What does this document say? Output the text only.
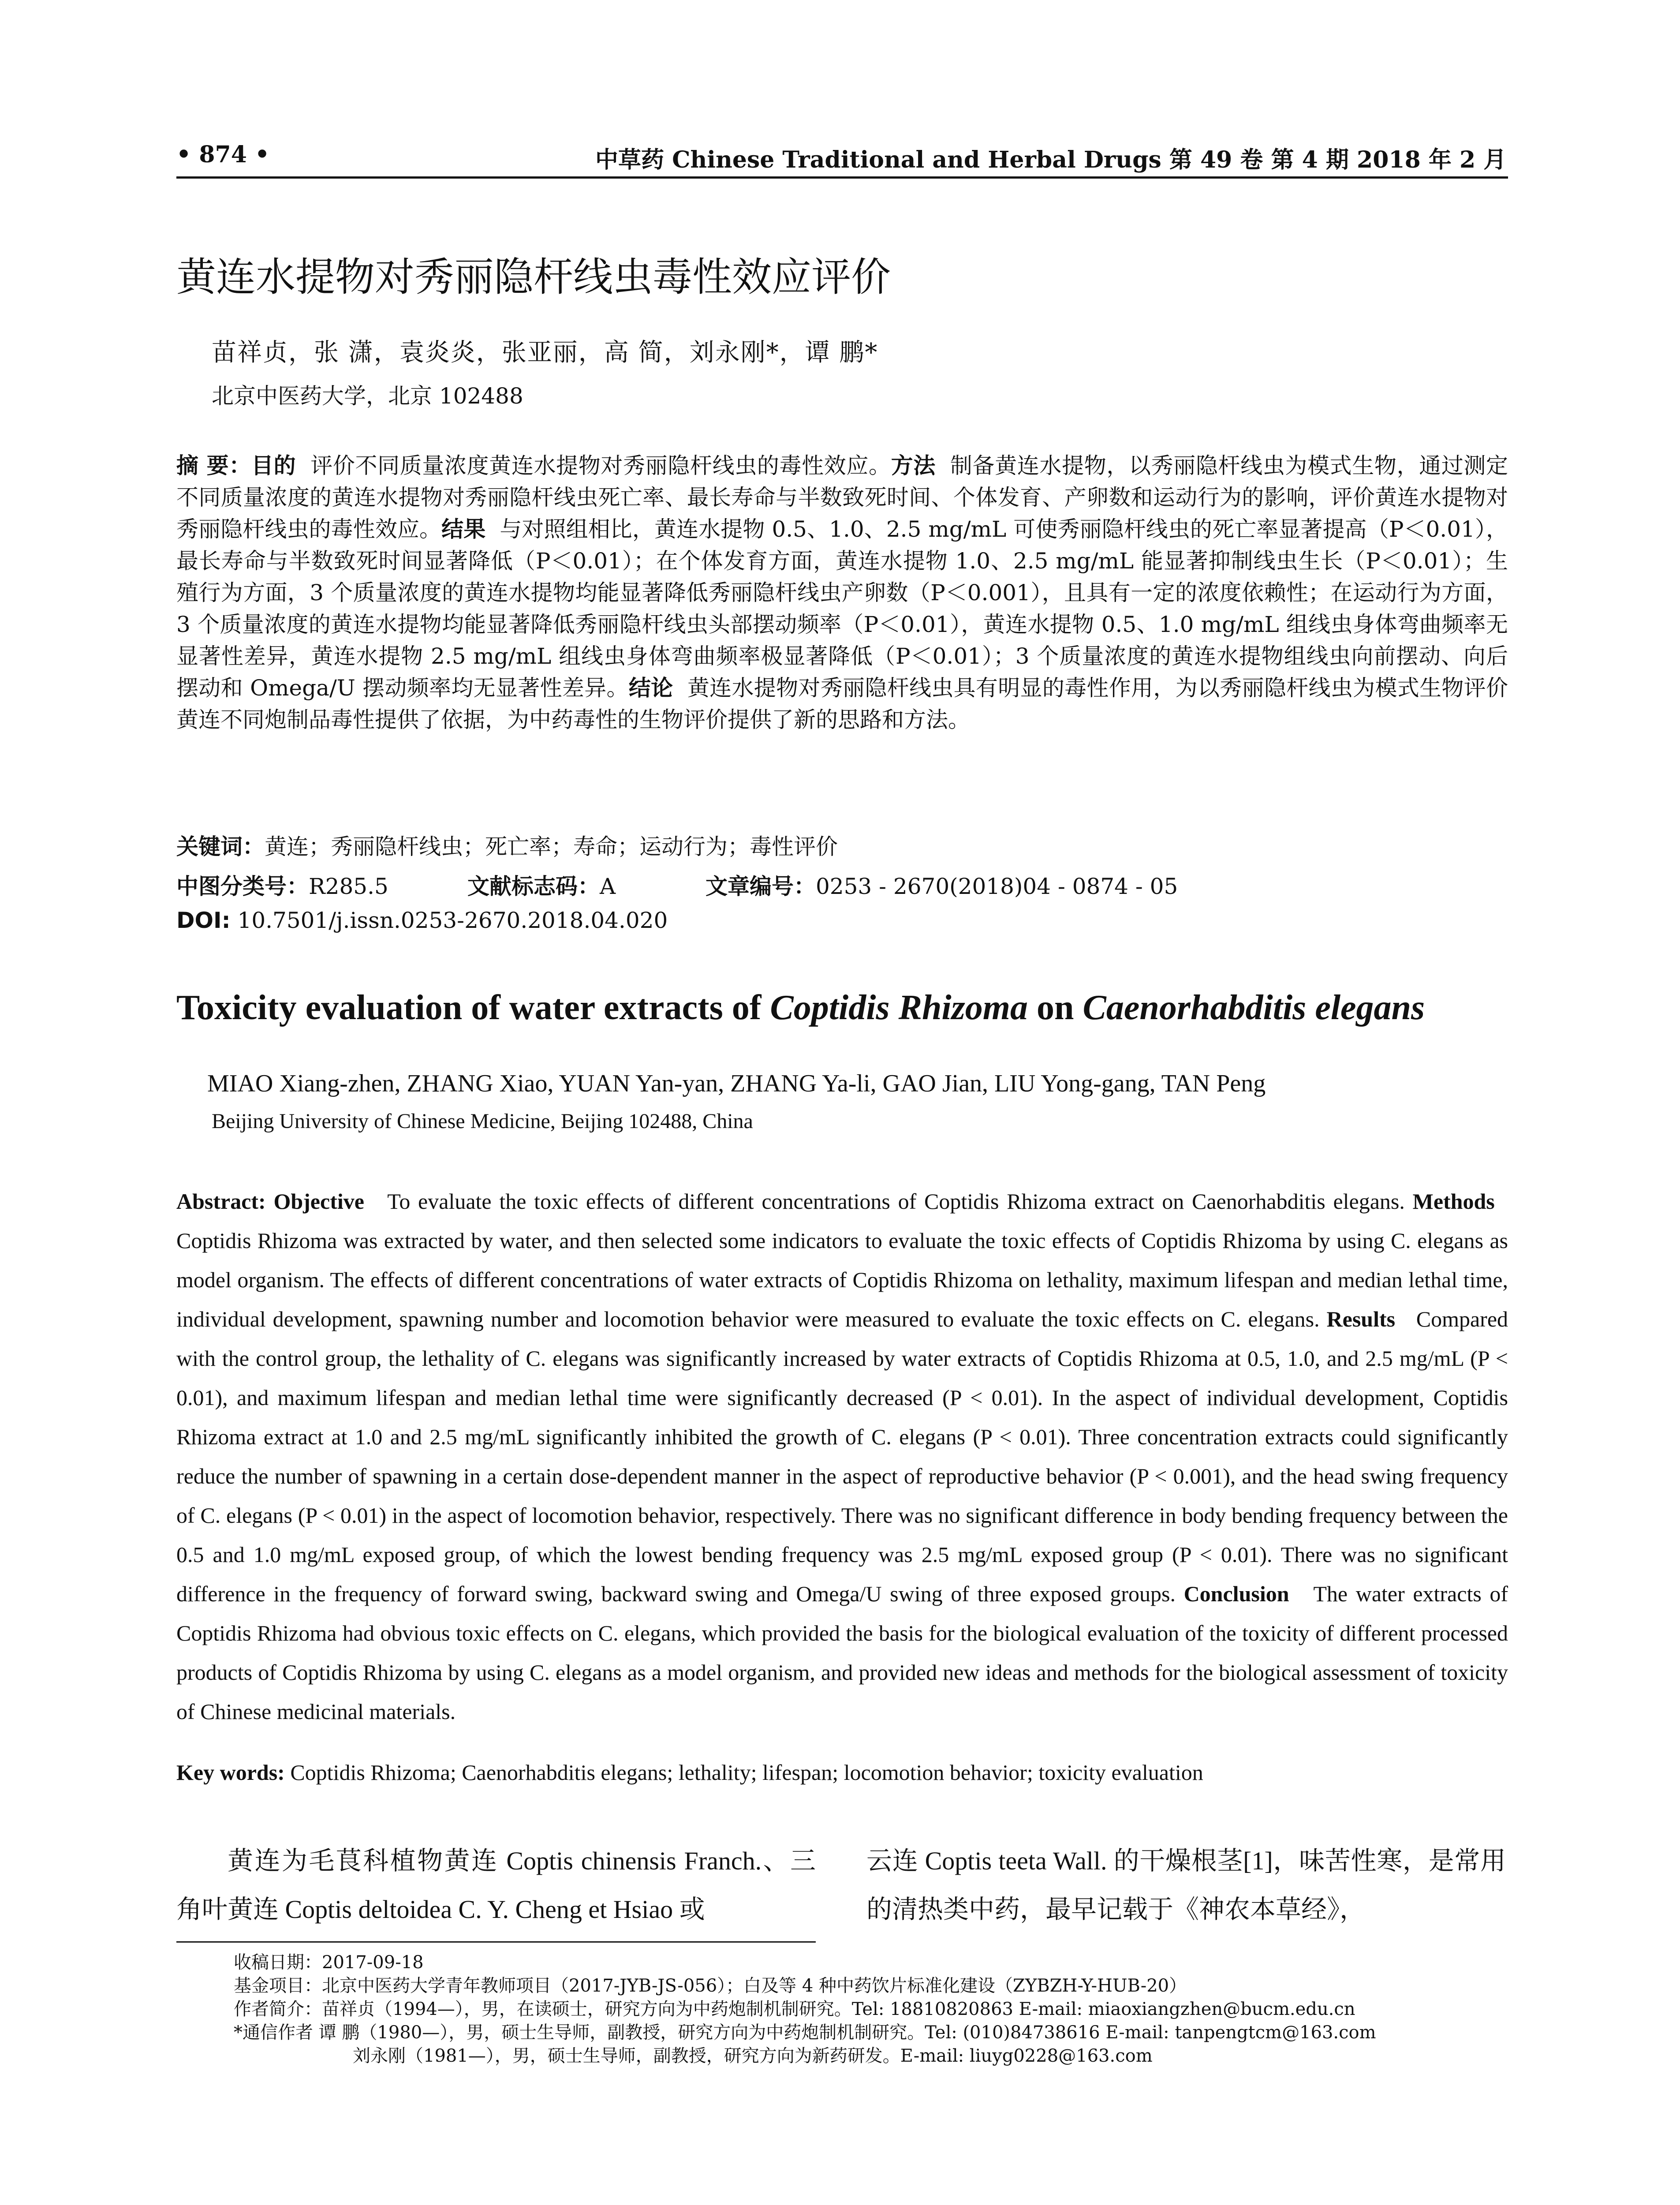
• 874 •	中草药 Chinese Traditional and Herbal Drugs 第 49 卷 第 4 期 2018 年 2 月
黄连水提物对秀丽隐杆线虫毒性效应评价
苗祥贞，张 潇，袁炎炎，张亚丽，高 简，刘永刚*，谭 鹏*
北京中医药大学，北京 102488
摘 要：目的 评价不同质量浓度黄连水提物对秀丽隐杆线虫的毒性效应。方法 制备黄连水提物，以秀丽隐杆线虫为模式生物，通过测定不同质量浓度的黄连水提物对秀丽隐杆线虫死亡率、最长寿命与半数致死时间、个体发育、产卵数和运动行为的影响，评价黄连水提物对秀丽隐杆线虫的毒性效应。结果 与对照组相比，黄连水提物 0.5、1.0、2.5 mg/mL 可使秀丽隐杆线虫的死亡率显著提高（P＜0.01），最长寿命与半数致死时间显著降低（P＜0.01）；在个体发育方面，黄连水提物 1.0、2.5 mg/mL 能显著抑制线虫生长（P＜0.01）；生殖行为方面，3 个质量浓度的黄连水提物均能显著降低秀丽隐杆线虫产卵数（P＜0.001），且具有一定的浓度依赖性；在运动行为方面，3 个质量浓度的黄连水提物均能显著降低秀丽隐杆线虫头部摆动频率（P＜0.01），黄连水提物 0.5、1.0 mg/mL 组线虫身体弯曲频率无显著性差异，黄连水提物 2.5 mg/mL 组线虫身体弯曲频率极显著降低（P＜0.01）；3 个质量浓度的黄连水提物组线虫向前摆动、向后摆动和 Omega/U 摆动频率均无显著性差异。结论 黄连水提物对秀丽隐杆线虫具有明显的毒性作用，为以秀丽隐杆线虫为模式生物评价黄连不同炮制品毒性提供了依据，为中药毒性的生物评价提供了新的思路和方法。
关键词：黄连；秀丽隐杆线虫；死亡率；寿命；运动行为；毒性评价
中图分类号：R285.5	文献标志码：A	文章编号：0253 - 2670(2018)04 - 0874 - 05
DOI: 10.7501/j.issn.0253-2670.2018.04.020
Toxicity evaluation of water extracts of Coptidis Rhizoma on Caenorhabditis elegans
MIAO Xiang-zhen, ZHANG Xiao, YUAN Yan-yan, ZHANG Ya-li, GAO Jian, LIU Yong-gang, TAN Peng
Beijing University of Chinese Medicine, Beijing 102488, China
Abstract: Objective To evaluate the toxic effects of different concentrations of Coptidis Rhizoma extract on Caenorhabditis elegans. Methods   Coptidis Rhizoma was extracted by water, and then selected some indicators to evaluate the toxic effects of Coptidis Rhizoma by using C. elegans as model organism. The effects of different concentrations of water extracts of Coptidis Rhizoma on lethality, maximum lifespan and median lethal time, individual development, spawning number and locomotion behavior were measured to evaluate the toxic effects on C. elegans. Results Compared with the control group, the lethality of C. elegans was significantly increased by water extracts of Coptidis Rhizoma at 0.5, 1.0, and 2.5 mg/mL (P < 0.01), and maximum lifespan and median lethal time were significantly decreased (P < 0.01). In the aspect of individual development, Coptidis Rhizoma extract at 1.0 and 2.5 mg/mL significantly inhibited the growth of C. elegans (P < 0.01). Three concentration extracts could significantly reduce the number of spawning in a certain dose-dependent manner in the aspect of reproductive behavior (P < 0.001), and the head swing frequency of C. elegans (P < 0.01) in the aspect of locomotion behavior, respectively. There was no significant difference in body bending frequency between the 0.5 and 1.0 mg/mL exposed group, of which the lowest bending frequency was 2.5 mg/mL exposed group (P < 0.01). There was no significant difference in the frequency of forward swing, backward swing and Omega/U swing of three exposed groups. Conclusion The water extracts of Coptidis Rhizoma had obvious toxic effects on C. elegans, which provided the basis for the biological evaluation of the toxicity of different processed products of Coptidis Rhizoma by using C. elegans as a model organism, and provided new ideas and methods for the biological assessment of toxicity of Chinese medicinal materials.
Key words: Coptidis Rhizoma; Caenorhabditis elegans; lethality; lifespan; locomotion behavior; toxicity evaluation
黄连为毛茛科植物黄连 Coptis chinensis Franch.、三角叶黄连 Coptis deltoidea C. Y. Cheng et Hsiao 或
云连 Coptis teeta Wall. 的干燥根茎[1]，味苦性寒，是常用的清热类中药，最早记载于《神农本草经》，
收稿日期：2017-09-18
基金项目：北京中医药大学青年教师项目（2017-JYB-JS-056）；白及等 4 种中药饮片标准化建设（ZYBZH-Y-HUB-20）
作者简介：苗祥贞（1994—），男，在读硕士，研究方向为中药炮制机制研究。Tel: 18810820863 E-mail: miaoxiangzhen@bucm.edu.cn
*通信作者 谭 鹏（1980—），男，硕士生导师，副教授，研究方向为中药炮制机制研究。Tel: (010)84738616 E-mail: tanpengtcm@163.com
刘永刚（1981—），男，硕士生导师，副教授，研究方向为新药研发。E-mail: liuyg0228@163.com
